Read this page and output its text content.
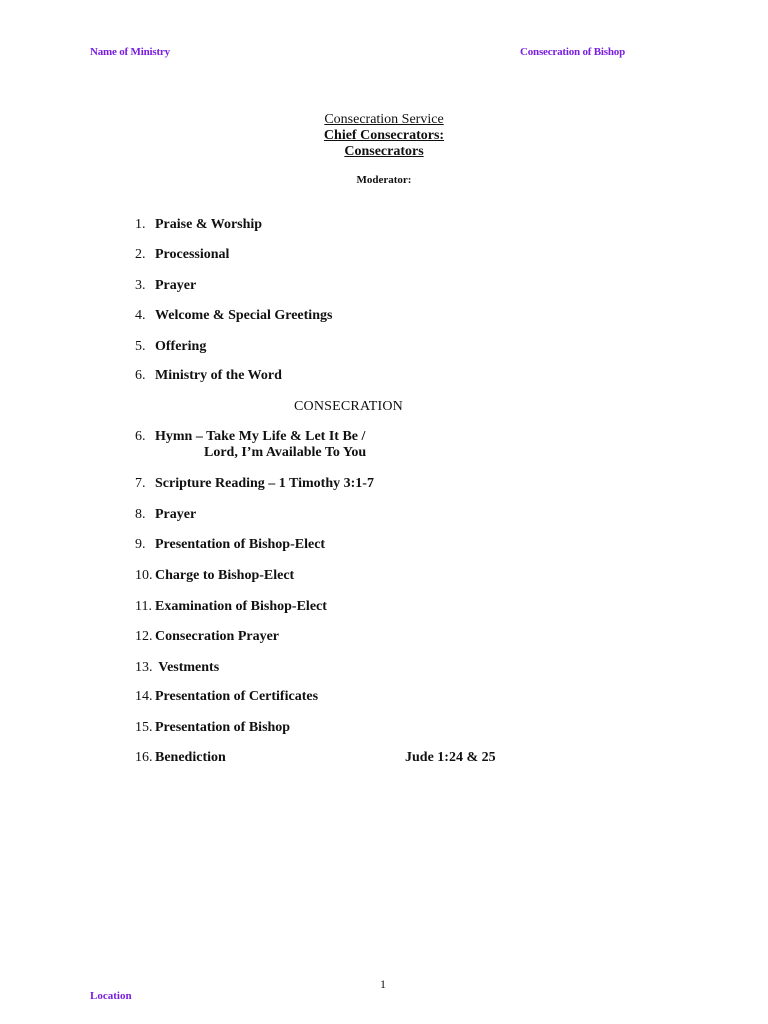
Name of Ministry	Consecration of Bishop
Consecration Service
Chief Consecrators:
Consecrators
Moderator:
1. Praise & Worship
2. Processional
3. Prayer
4. Welcome & Special Greetings
5. Offering
6. Ministry of the Word
CONSECRATION
6. Hymn – Take My Life & Let It Be /
Lord, I’m Available To You
7. Scripture Reading – 1 Timothy 3:1-7
8. Prayer
9. Presentation of Bishop-Elect
10. Charge to Bishop-Elect
11. Examination of Bishop-Elect
12. Consecration Prayer
13. Vestments
14. Presentation of Certificates
15. Presentation of Bishop
16. Benediction	Jude 1:24 & 25
1
Location
